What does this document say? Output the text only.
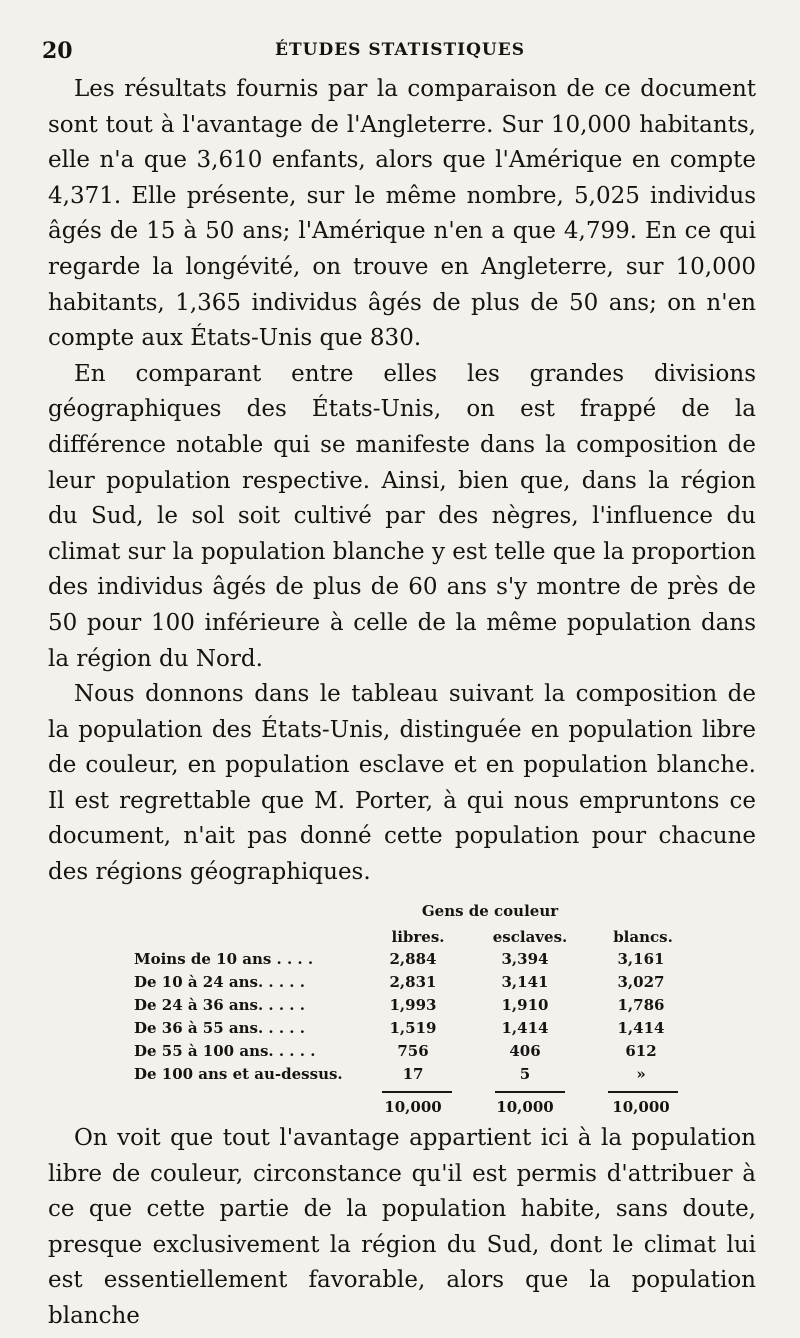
20	ÉTUDES STATISTIQUES

Les résultats fournis par la comparaison de ce document sont tout à l'avantage de l'Angleterre. Sur 10,000 habitants, elle n'a que 3,610 enfants, alors que l'Amérique en compte 4,371. Elle présente, sur le même nombre, 5,025 individus âgés de 15 à 50 ans; l'Amérique n'en a que 4,799. En ce qui regarde la longévité, on trouve en Angleterre, sur 10,000 habitants, 1,365 individus âgés de plus de 50 ans; on n'en compte aux États-Unis que 830.

En comparant entre elles les grandes divisions géographiques des États-Unis, on est frappé de la différence notable qui se manifeste dans la composition de leur population respective. Ainsi, bien que, dans la région du Sud, le sol soit cultivé par des nègres, l'influence du climat sur la population blanche y est telle que la proportion des individus âgés de plus de 60 ans s'y montre de près de 50 pour 100 inférieure à celle de la même population dans la région du Nord.

Nous donnons dans le tableau suivant la composition de la population des États-Unis, distinguée en population libre de couleur, en population esclave et en population blanche. Il est regrettable que M. Porter, à qui nous empruntons ce document, n'ait pas donné cette population pour chacune des régions géographiques.

Gens de couleur
libres.	esclaves.	blancs.
Moins de 10 ans . . . .	2,884	3,394	3,161
De 10 à 24 ans. . . . .	2,831	3,141	3,027
De 24 à 36 ans. . . . .	1,993	1,910	1,786
De 36 à 55 ans. . . . .	1,519	1,414	1,414
De 55 à 100 ans. . . . .	756	406	612
De 100 ans et au-dessus.	17	5	»
10,000	10,000	10,000

On voit que tout l'avantage appartient ici à la population libre de couleur, circonstance qu'il est permis d'attribuer à ce que cette partie de la population habite, sans doute, presque exclusivement la région du Sud, dont le climat lui est essentiellement favorable, alors que la population blanche
